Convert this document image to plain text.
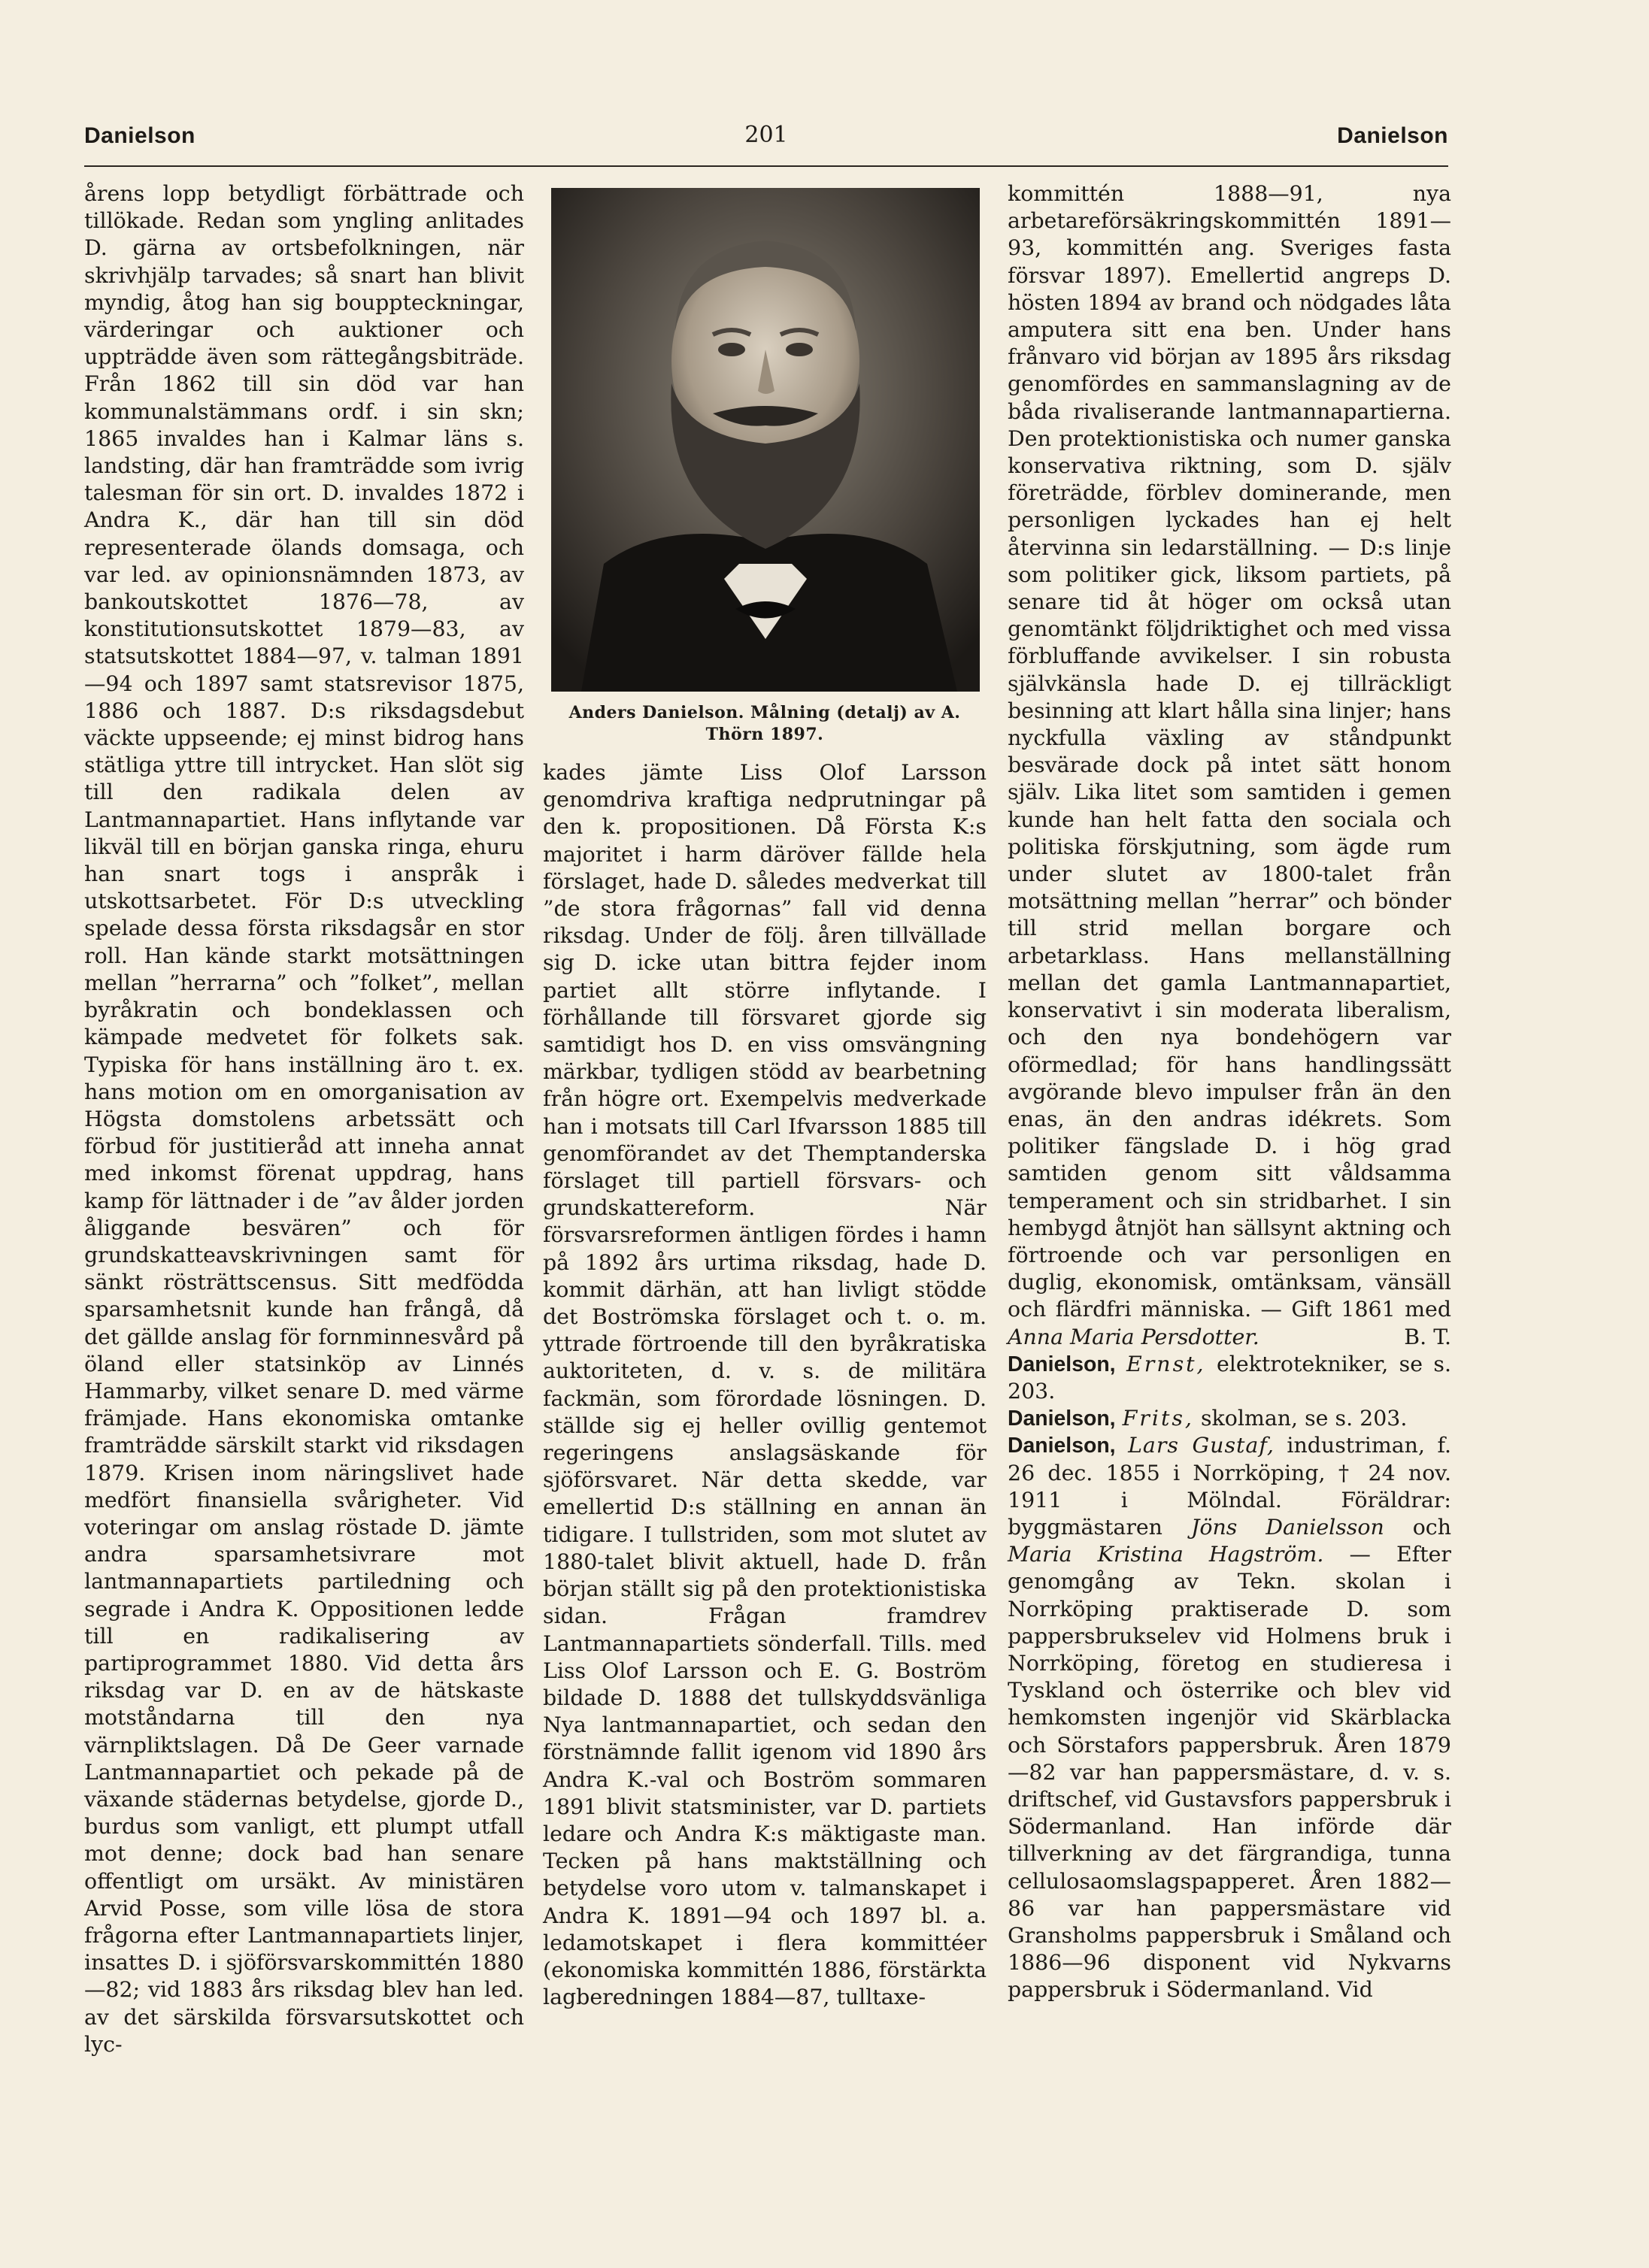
Danielson	201	Danielson

årens lopp betydligt förbättrade och tillökade. Redan som yngling anlitades D. gärna av ortsbefolkningen, när skrivhjälp tarvades; så snart han blivit myndig, åtog han sig bouppteckningar, värderingar och auktioner och uppträdde även som rättegångsbiträde. Från 1862 till sin död var han kommunalstämmans ordf. i sin skn; 1865 invaldes han i Kalmar läns s. landsting, där han framträdde som ivrig talesman för sin ort. D. invaldes 1872 i Andra K., där han till sin död representerade ölands domsaga, och var led. av opinionsnämnden 1873, av bankoutskottet 1876—78, av konstitutionsutskottet 1879—83, av statsutskottet 1884—97, v. talman 1891—94 och 1897 samt statsrevisor 1875, 1886 och 1887. D:s riksdagsdebut väckte uppseende; ej minst bidrog hans stätliga yttre till intrycket. Han slöt sig till den radikala delen av Lantmannapartiet. Hans inflytande var likväl till en början ganska ringa, ehuru han snart togs i anspråk i utskottsarbetet. För D:s utveckling spelade dessa första riksdagsår en stor roll. Han kände starkt motsättningen mellan ”herrarna” och ”folket”, mellan byråkratin och bondeklassen och kämpade medvetet för folkets sak. Typiska för hans inställning äro t. ex. hans motion om en omorganisation av Högsta domstolens arbetssätt och förbud för justitieråd att inneha annat med inkomst förenat uppdrag, hans kamp för lättnader i de ”av ålder jorden åliggande besvären” och för grundskatteavskrivningen samt för sänkt rösträttscensus. Sitt medfödda sparsamhetsnit kunde han frångå, då det gällde anslag för fornminnesvård på öland eller statsinköp av Linnés Hammarby, vilket senare D. med värme främjade. Hans ekonomiska omtanke framträdde särskilt starkt vid riksdagen 1879. Krisen inom näringslivet hade medfört finansiella svårigheter. Vid voteringar om anslag röstade D. jämte andra sparsamhetsivrare mot lantmannapartiets partiledning och segrade i Andra K. Oppositionen ledde till en radikalisering av partiprogrammet 1880. Vid detta års riksdag var D. en av de hätskaste motståndarna till den nya värnpliktslagen. Då De Geer varnade Lantmannapartiet och pekade på de växande städernas betydelse, gjorde D., burdus som vanligt, ett plumpt utfall mot denne; dock bad han senare offentligt om ursäkt. Av ministären Arvid Posse, som ville lösa de stora frågorna efter Lantmannapartiets linjer, insattes D. i sjöförsvarskommittén 1880—82; vid 1883 års riksdag blev han led. av det särskilda försvarsutskottet och lyc-

Anders Danielson. Målning (detalj) av A. Thörn 1897.

kades jämte Liss Olof Larsson genomdriva kraftiga nedprutningar på den k. propositionen. Då Första K:s majoritet i harm däröver fällde hela förslaget, hade D. således medverkat till ”de stora frågornas” fall vid denna riksdag. Under de följ. åren tillvällade sig D. icke utan bittra fejder inom partiet allt större inflytande. I förhållande till försvaret gjorde sig samtidigt hos D. en viss omsvängning märkbar, tydligen stödd av bearbetning från högre ort. Exempelvis medverkade han i motsats till Carl Ifvarsson 1885 till genomförandet av det Themptanderska förslaget till partiell försvars- och grundskattereform. När försvarsreformen äntligen fördes i hamn på 1892 års urtima riksdag, hade D. kommit därhän, att han livligt stödde det Boströmska förslaget och t. o. m. yttrade förtroende till den byråkratiska auktoriteten, d. v. s. de militära fackmän, som förordade lösningen. D. ställde sig ej heller ovillig gentemot regeringens anslagsäskande för sjöförsvaret. När detta skedde, var emellertid D:s ställning en annan än tidigare. I tullstriden, som mot slutet av 1880-talet blivit aktuell, hade D. från början ställt sig på den protektionistiska sidan. Frågan framdrev Lantmannapartiets sönderfall. Tills. med Liss Olof Larsson och E. G. Boström bildade D. 1888 det tullskyddsvänliga Nya lantmannapartiet, och sedan den förstnämnde fallit igenom vid 1890 års Andra K.-val och Boström sommaren 1891 blivit statsminister, var D. partiets ledare och Andra K:s mäktigaste man. Tecken på hans maktställning och betydelse voro utom v. talmanskapet i Andra K. 1891—94 och 1897 bl. a. ledamotskapet i flera kommittéer (ekonomiska kommittén 1886, förstärkta lagberedningen 1884—87, tulltaxe-

kommittén 1888—91, nya arbetareförsäkringskommittén 1891—93, kommittén ang. Sveriges fasta försvar 1897). Emellertid angreps D. hösten 1894 av brand och nödgades låta amputera sitt ena ben. Under hans frånvaro vid början av 1895 års riksdag genomfördes en sammanslagning av de båda rivaliserande lantmannapartierna. Den protektionistiska och numer ganska konservativa riktning, som D. själv företrädde, förblev dominerande, men personligen lyckades han ej helt återvinna sin ledarställning. — D:s linje som politiker gick, liksom partiets, på senare tid åt höger om också utan genomtänkt följdriktighet och med vissa förbluffande avvikelser. I sin robusta självkänsla hade D. ej tillräckligt besinning att klart hålla sina linjer; hans nyckfulla växling av ståndpunkt besvärade dock på intet sätt honom själv. Lika litet som samtiden i gemen kunde han helt fatta den sociala och politiska förskjutning, som ägde rum under slutet av 1800-talet från motsättning mellan ”herrar” och bönder till strid mellan borgare och arbetarklass. Hans mellanställning mellan det gamla Lantmannapartiet, konservativt i sin moderata liberalism, och den nya bondehögern var oförmedlad; för hans handlingssätt avgörande blevo impulser från än den enas, än den andras idékrets. Som politiker fängslade D. i hög grad samtiden genom sitt våldsamma temperament och sin stridbarhet. I sin hembygd åtnjöt han sällsynt aktning och förtroende och var personligen en duglig, ekonomisk, omtänksam, vänsäll och flärdfri människa. — Gift 1861 med Anna Maria Persdotter.	B. T.

Danielson, Ernst, elektrotekniker, se s. 203.

Danielson, Frits, skolman, se s. 203.

Danielson, Lars Gustaf, industriman, f. 26 dec. 1855 i Norrköping, † 24 nov. 1911 i Mölndal. Föräldrar: byggmästaren Jöns Danielsson och Maria Kristina Hagström. — Efter genomgång av Tekn. skolan i Norrköping praktiserade D. som pappersbrukselev vid Holmens bruk i Norrköping, företog en studieresa i Tyskland och österrike och blev vid hemkomsten ingenjör vid Skärblacka och Sörstafors pappersbruk. Åren 1879 —82 var han pappersmästare, d. v. s. driftschef, vid Gustavsfors pappersbruk i Södermanland. Han införde där tillverkning av det färgrandiga, tunna cellulosaomslagspapperet. Åren 1882—86 var han pappersmästare vid Gransholms pappersbruk i Småland och 1886—96 disponent vid Nykvarns pappersbruk i Södermanland. Vid
